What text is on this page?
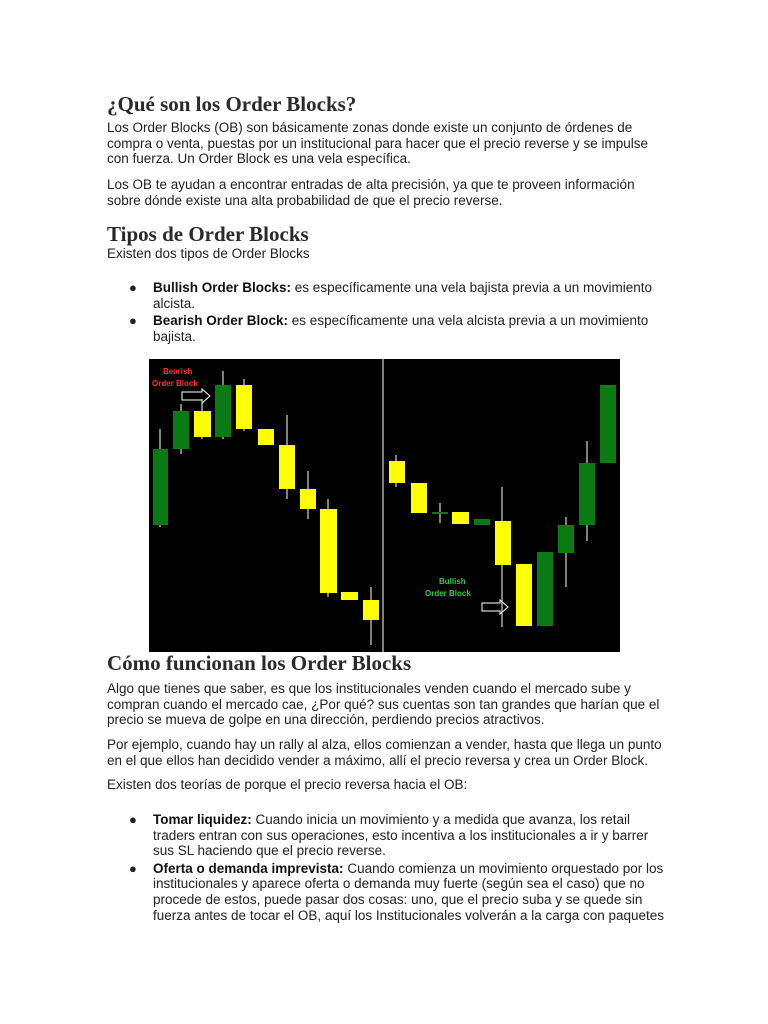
¿Qué son los Order Blocks?
Los Order Blocks (OB) son básicamente zonas donde existe un conjunto de órdenes de compra o venta, puestas por un institucional para hacer que el precio reverse y se impulse con fuerza. Un Order Block es una vela específica.
Los OB te ayudan a encontrar entradas de alta precisión, ya que te proveen información sobre dónde existe una alta probabilidad de que el precio reverse.
Tipos de Order Blocks
Existen dos tipos de Order Blocks
● Bullish Order Blocks: es específicamente una vela bajista previa a un movimiento alcista.
● Bearish Order Block: es específicamente una vela alcista previa a un movimiento bajista.
Bearish
Order Block
Bullish
Order Block
Cómo funcionan los Order Blocks
Algo que tienes que saber, es que los institucionales venden cuando el mercado sube y compran cuando el mercado cae, ¿Por qué? sus cuentas son tan grandes que harían que el precio se mueva de golpe en una dirección, perdiendo precios atractivos.
Por ejemplo, cuando hay un rally al alza, ellos comienzan a vender, hasta que llega un punto en el que ellos han decidido vender a máximo, allí el precio reversa y crea un Order Block.
Existen dos teorías de porque el precio reversa hacia el OB:
● Tomar liquidez: Cuando inicia un movimiento y a medida que avanza, los retail traders entran con sus operaciones, esto incentiva a los institucionales a ir y barrer sus SL haciendo que el precio reverse.
● Oferta o demanda imprevista: Cuando comienza un movimiento orquestado por los institucionales y aparece oferta o demanda muy fuerte (según sea el caso) que no procede de estos, puede pasar dos cosas: uno, que el precio suba y se quede sin fuerza antes de tocar el OB, aquí los Institucionales volverán a la carga con paquetes
